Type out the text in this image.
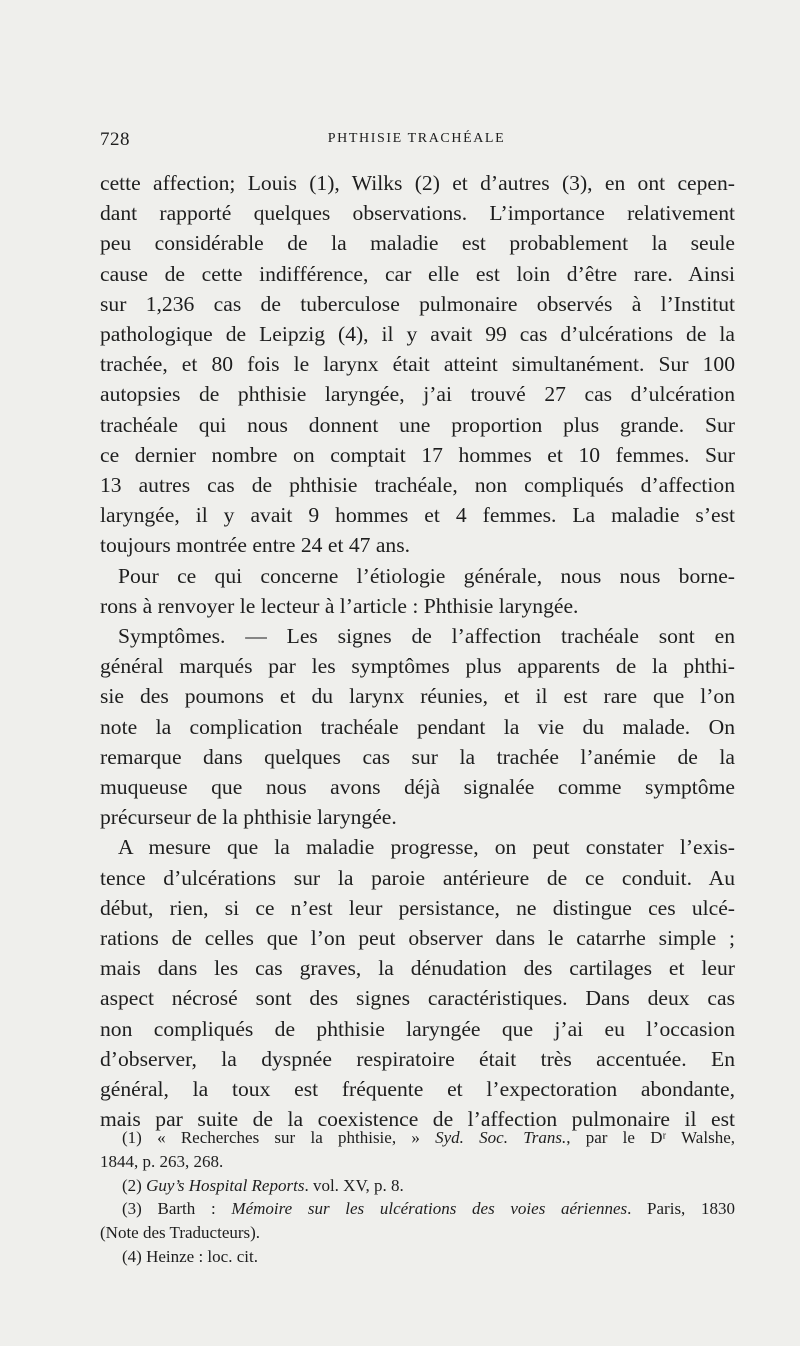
728	PHTHISIE TRACHÉALE
cette affection; Louis (1), Wilks (2) et d’autres (3), en ont cepen-
dant rapporté quelques observations. L’importance relativement
peu considérable de la maladie est probablement la seule
cause de cette indifférence, car elle est loin d’être rare. Ainsi
sur 1,236 cas de tuberculose pulmonaire observés à l’Institut
pathologique de Leipzig (4), il y avait 99 cas d’ulcérations de la
trachée, et 80 fois le larynx était atteint simultanément. Sur 100
autopsies de phthisie laryngée, j’ai trouvé 27 cas d’ulcération
trachéale qui nous donnent une proportion plus grande. Sur
ce dernier nombre on comptait 17 hommes et 10 femmes. Sur
13 autres cas de phthisie trachéale, non compliqués d’affection
laryngée, il y avait 9 hommes et 4 femmes. La maladie s’est
toujours montrée entre 24 et 47 ans.
Pour ce qui concerne l’étiologie générale, nous nous borne-
rons à renvoyer le lecteur à l’article : Phthisie laryngée.
Symptômes. — Les signes de l’affection trachéale sont en
général marqués par les symptômes plus apparents de la phthi-
sie des poumons et du larynx réunies, et il est rare que l’on
note la complication trachéale pendant la vie du malade. On
remarque dans quelques cas sur la trachée l’anémie de la
muqueuse que nous avons déjà signalée comme symptôme
précurseur de la phthisie laryngée.
A mesure que la maladie progresse, on peut constater l’exis-
tence d’ulcérations sur la paroie antérieure de ce conduit. Au
début, rien, si ce n’est leur persistance, ne distingue ces ulcé-
rations de celles que l’on peut observer dans le catarrhe simple ;
mais dans les cas graves, la dénudation des cartilages et leur
aspect nécrosé sont des signes caractéristiques. Dans deux cas
non compliqués de phthisie laryngée que j’ai eu l’occasion
d’observer, la dyspnée respiratoire était très accentuée. En
général, la toux est fréquente et l’expectoration abondante,
mais par suite de la coexistence de l’affection pulmonaire il est
(1) « Recherches sur la phthisie, » Syd. Soc. Trans., par le Dʳ Walshe,
1844, p. 263, 268.
(2) Guy’s Hospital Reports. vol. XV, p. 8.
(3) Barth : Mémoire sur les ulcérations des voies aériennes. Paris, 1830
(Note des Traducteurs).
(4) Heinze : loc. cit.
